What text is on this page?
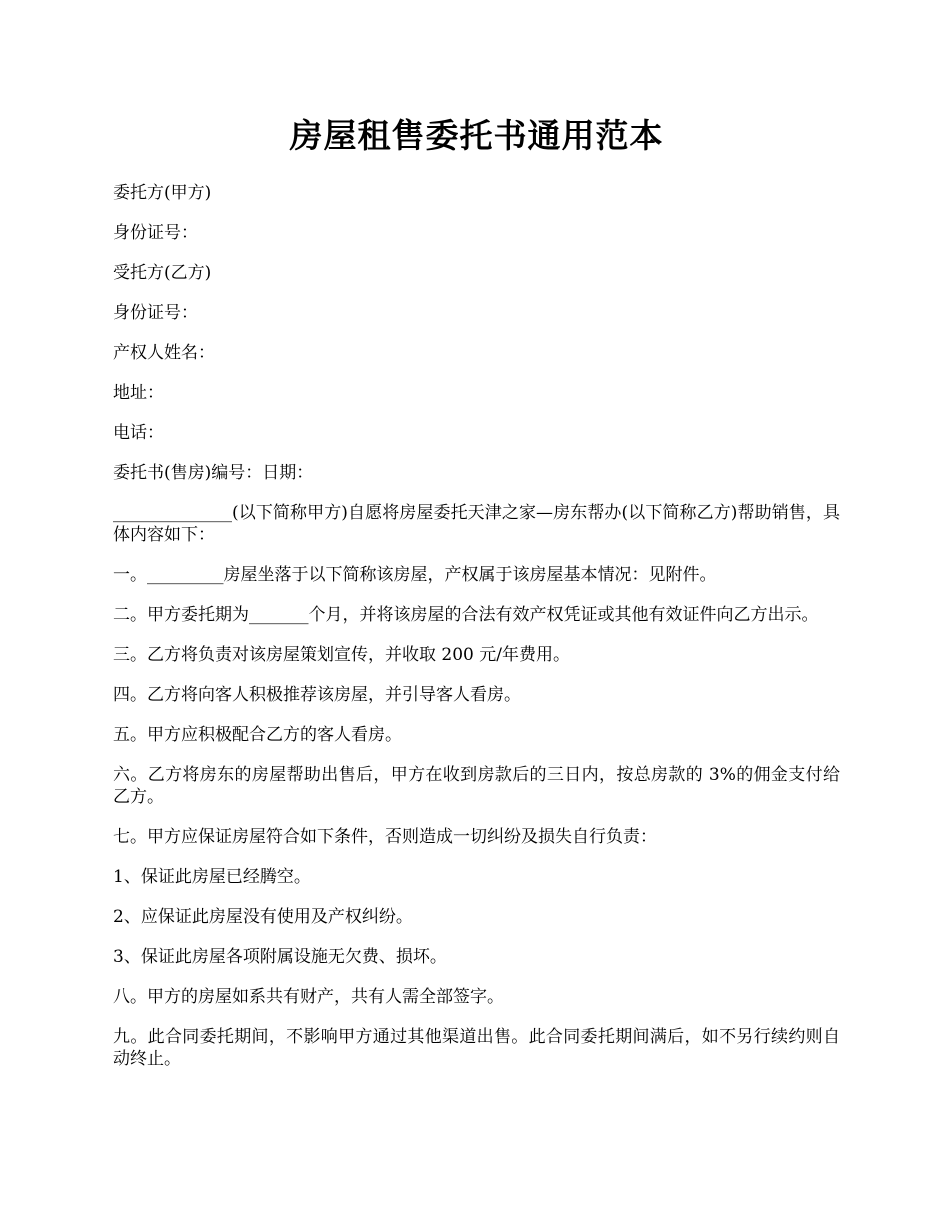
房屋租售委托书通用范本

委托方(甲方)

身份证号：

受托方(乙方)

身份证号：

产权人姓名：

地址：

电话：

委托书(售房)编号：日期：

______________(以下简称甲方)自愿将房屋委托天津之家—房东帮办(以下简称乙方)帮助销售，具体内容如下：

一。_________房屋坐落于以下简称该房屋，产权属于该房屋基本情况：见附件。

二。甲方委托期为_______个月，并将该房屋的合法有效产权凭证或其他有效证件向乙方出示。

三。乙方将负责对该房屋策划宣传，并收取 200 元/年费用。

四。乙方将向客人积极推荐该房屋，并引导客人看房。

五。甲方应积极配合乙方的客人看房。

六。乙方将房东的房屋帮助出售后，甲方在收到房款后的三日内，按总房款的 3%的佣金支付给乙方。

七。甲方应保证房屋符合如下条件，否则造成一切纠纷及损失自行负责：

1、保证此房屋已经腾空。

2、应保证此房屋没有使用及产权纠纷。

3、保证此房屋各项附属设施无欠费、损坏。

八。甲方的房屋如系共有财产，共有人需全部签字。

九。此合同委托期间，不影响甲方通过其他渠道出售。此合同委托期间满后，如不另行续约则自动终止。
